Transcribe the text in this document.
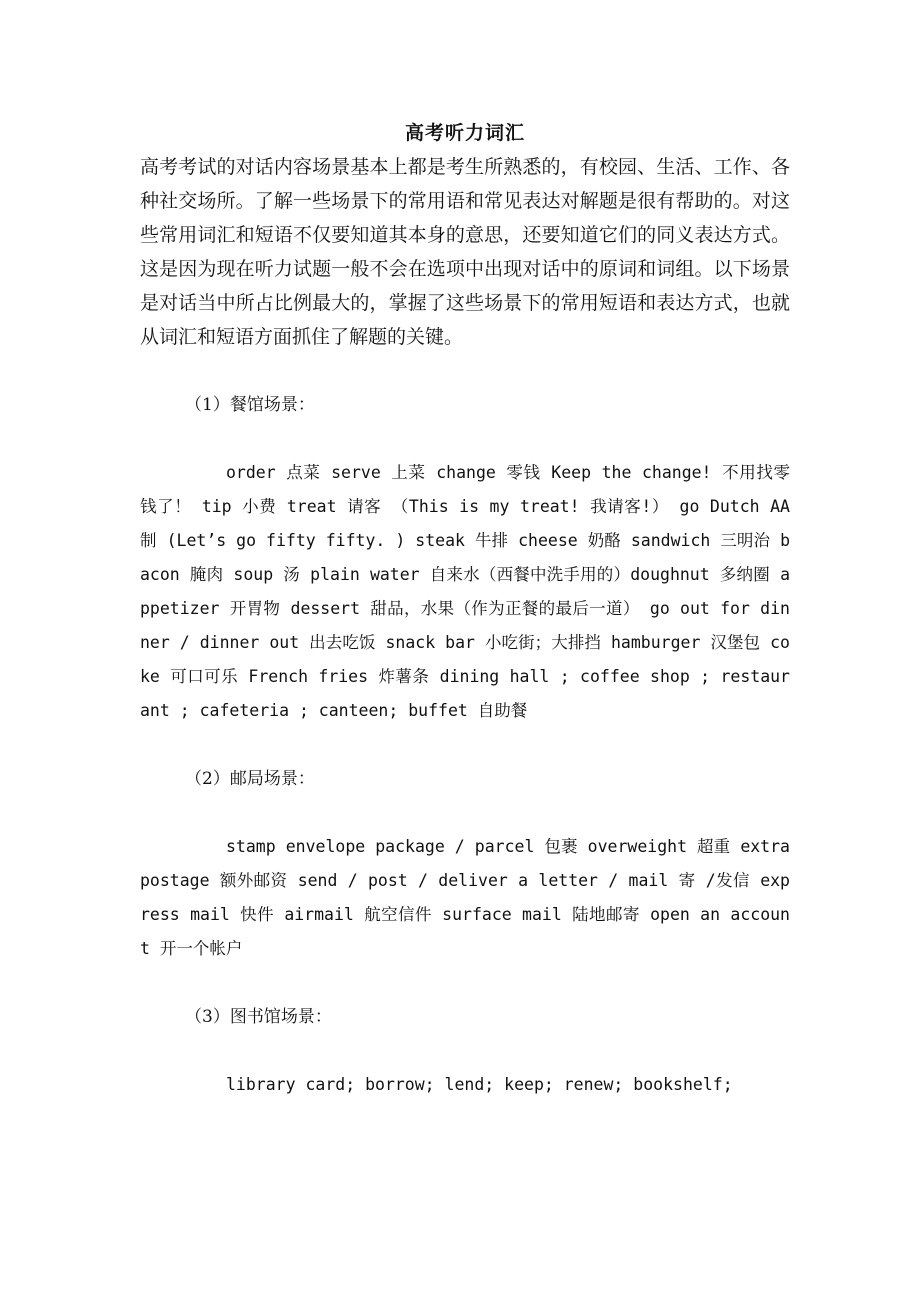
高考听力词汇

高考考试的对话内容场景基本上都是考生所熟悉的，有校园、生活、工作、各种社交场所。了解一些场景下的常用语和常见表达对解题是很有帮助的。对这些常用词汇和短语不仅要知道其本身的意思，还要知道它们的同义表达方式。这是因为现在听力试题一般不会在选项中出现对话中的原词和词组。以下场景是对话当中所占比例最大的，掌握了这些场景下的常用短语和表达方式，也就从词汇和短语方面抓住了解题的关键。

（1）餐馆场景：

order 点菜 serve 上菜 change 零钱 Keep the change! 不用找零钱了！ tip 小费 treat 请客 （This is my treat! 我请客!） go Dutch AA制 (Let’s go fifty fifty. ) steak 牛排 cheese 奶酪 sandwich 三明治 bacon 腌肉 soup 汤 plain water 自来水（西餐中洗手用的）doughnut 多纳圈 appetizer 开胃物 dessert 甜品，水果（作为正餐的最后一道） go out for dinner / dinner out 出去吃饭 snack bar 小吃街；大排挡 hamburger 汉堡包 coke 可口可乐 French fries 炸薯条 dining hall ; coffee shop ; restaurant ; cafeteria ; canteen; buffet 自助餐

（2）邮局场景：

stamp envelope package / parcel 包裹 overweight 超重 extra postage 额外邮资 send / post / deliver a letter / mail 寄 /发信 express mail 快件 airmail 航空信件 surface mail 陆地邮寄 open an account 开一个帐户

（3）图书馆场景：

library card; borrow; lend; keep; renew; bookshelf;
